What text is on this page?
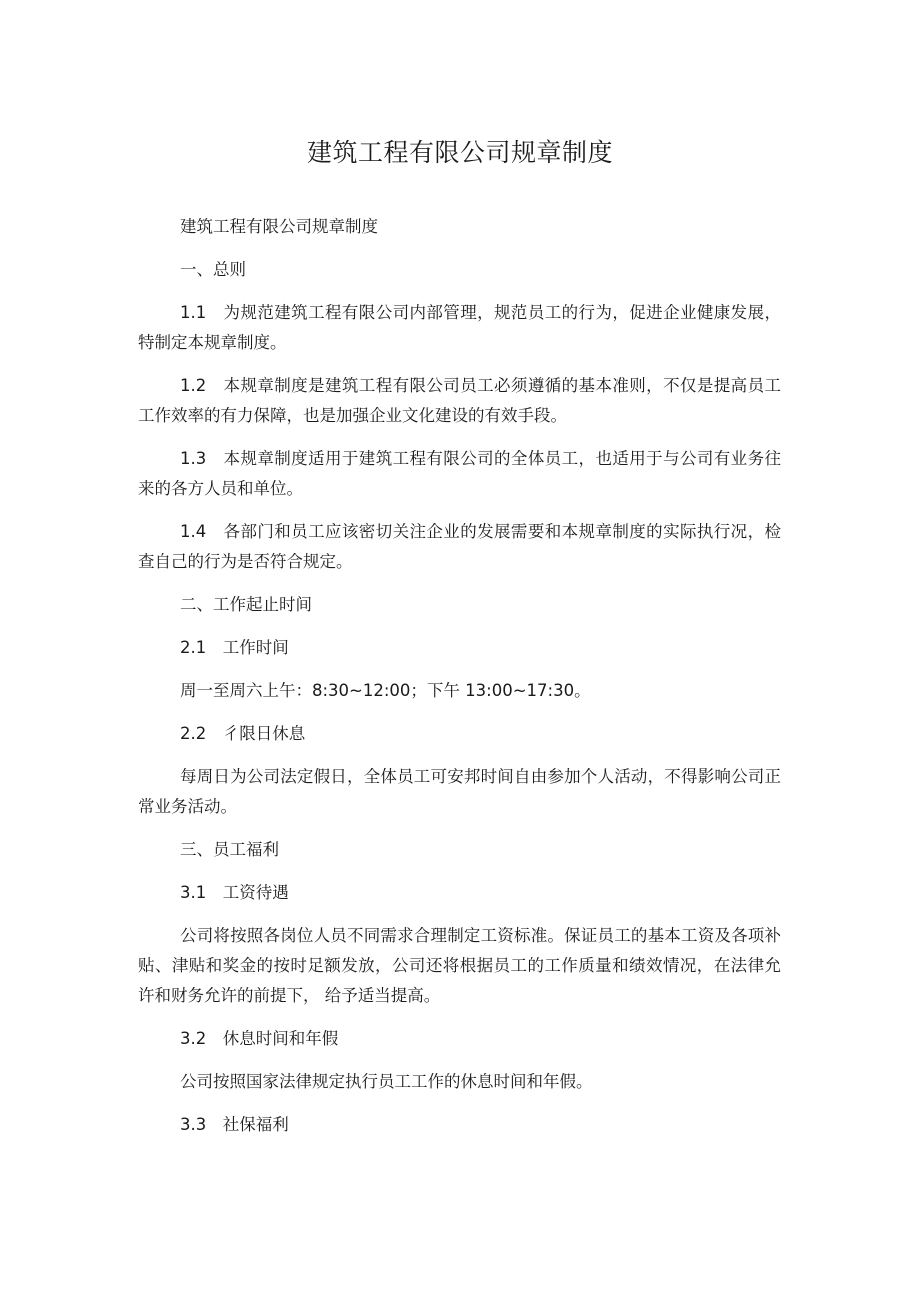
建筑工程有限公司规章制度

建筑工程有限公司规章制度

一、总则

1.1　为规范建筑工程有限公司内部管理，规范员工的行为，促进企业健康发展，特制定本规章制度。

1.2　本规章制度是建筑工程有限公司员工必须遵循的基本准则，不仅是提高员工工作效率的有力保障，也是加强企业文化建设的有效手段。

1.3　本规章制度适用于建筑工程有限公司的全体员工，也适用于与公司有业务往来的各方人员和单位。

1.4　各部门和员工应该密切关注企业的发展需要和本规章制度的实际执行况，检查自己的行为是否符合规定。

二、工作起止时间

2.1　工作时间

周一至周六上午：8:30~12:00；下午 13:00~17:30。

2.2　彳限日休息

每周日为公司法定假日，全体员工可安邦时间自由参加个人活动，不得影响公司正常业务活动。

三、员工福利

3.1　工资待遇

公司将按照各岗位人员不同需求合理制定工资标准。保证员工的基本工资及各项补贴、津贴和奖金的按时足额发放，公司还将根据员工的工作质量和绩效情况，在法律允许和财务允许的前提下， 给予适当提高。

3.2　休息时间和年假

公司按照国家法律规定执行员工工作的休息时间和年假。

3.3　社保福利
